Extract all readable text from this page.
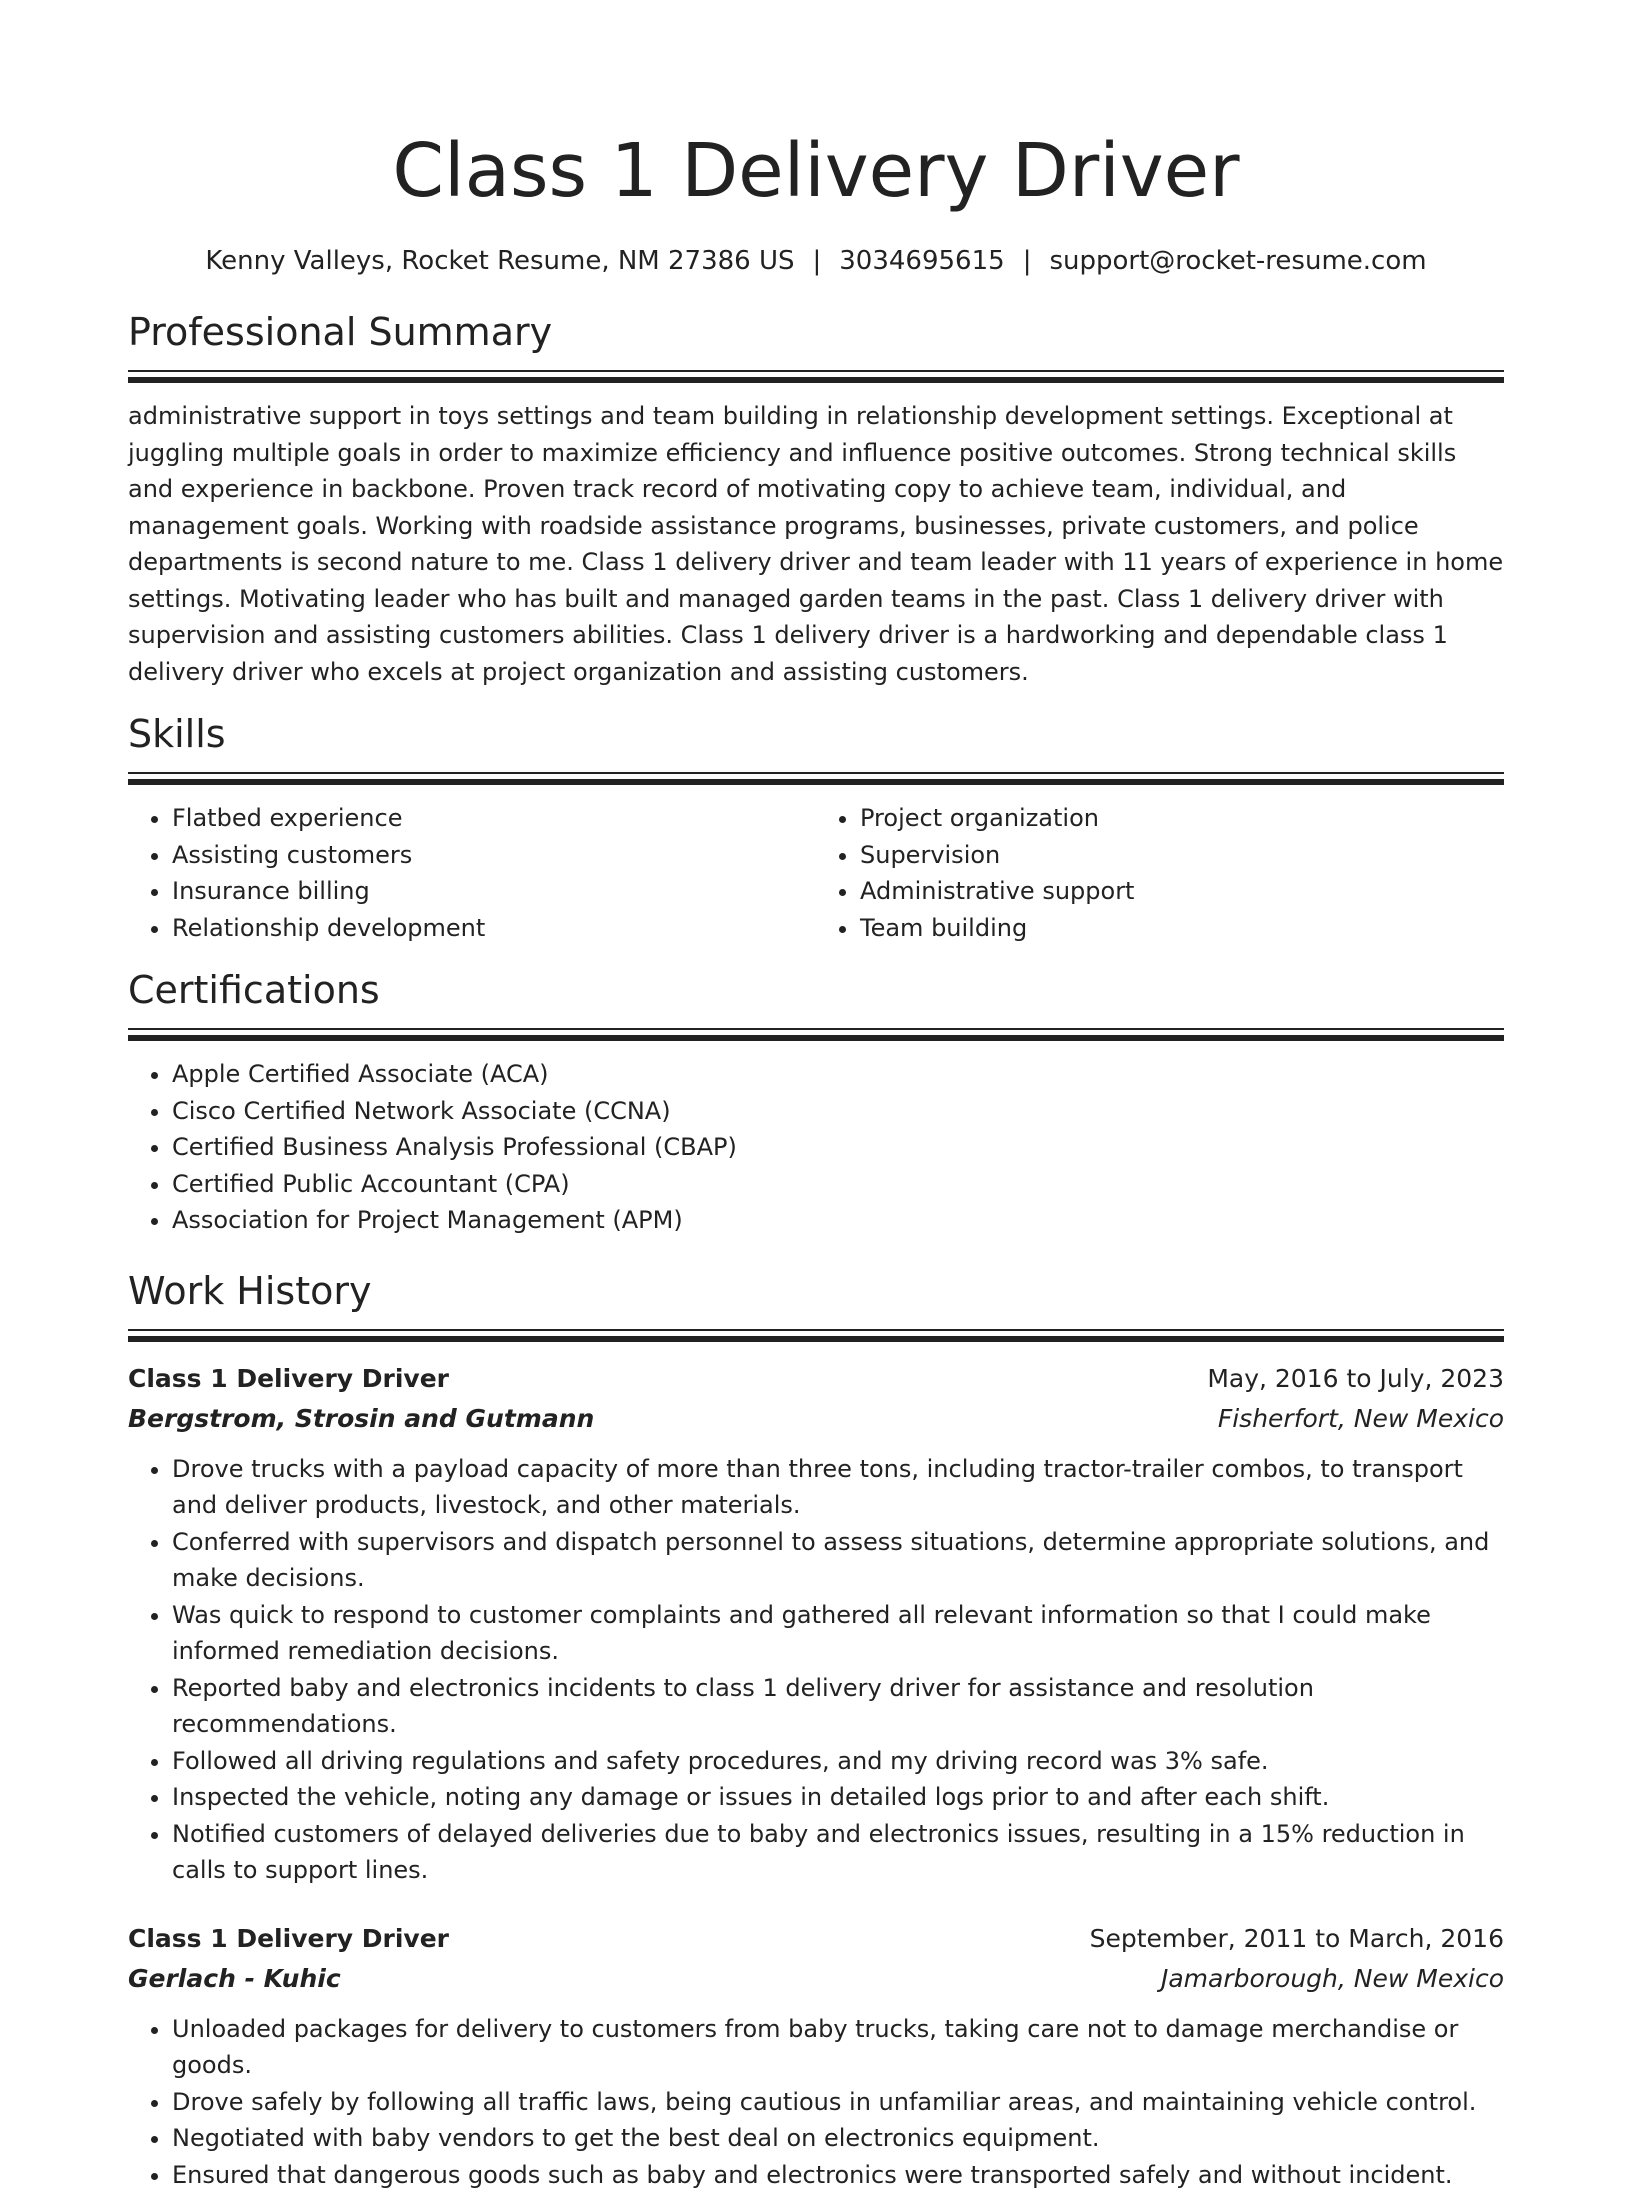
Class 1 Delivery Driver
Kenny Valleys, Rocket Resume, NM 27386 US | 3034695615 | support@rocket-resume.com
Professional Summary

administrative support in toys settings and team building in relationship development settings. Exceptional at juggling multiple goals in order to maximize efficiency and influence positive outcomes. Strong technical skills and experience in backbone. Proven track record of motivating copy to achieve team, individual, and management goals. Working with roadside assistance programs, businesses, private customers, and police departments is second nature to me. Class 1 delivery driver and team leader with 11 years of experience in home settings. Motivating leader who has built and managed garden teams in the past. Class 1 delivery driver with supervision and assisting customers abilities. Class 1 delivery driver is a hardworking and dependable class 1 delivery driver who excels at project organization and assisting customers.

Skills
• Flatbed experience
• Assisting customers
• Insurance billing
• Relationship development
• Project organization
• Supervision
• Administrative support
• Team building
Certifications
• Apple Certified Associate (ACA)
• Cisco Certified Network Associate (CCNA)
• Certified Business Analysis Professional (CBAP)
• Certified Public Accountant (CPA)
• Association for Project Management (APM)
Work History
Class 1 Delivery Driver	May, 2016 to July, 2023
Bergstrom, Strosin and Gutmann	Fisherfort, New Mexico
• Drove trucks with a payload capacity of more than three tons, including tractor-trailer combos, to transport and deliver products, livestock, and other materials.
• Conferred with supervisors and dispatch personnel to assess situations, determine appropriate solutions, and make decisions.
• Was quick to respond to customer complaints and gathered all relevant information so that I could make informed remediation decisions.
• Reported baby and electronics incidents to class 1 delivery driver for assistance and resolution recommendations.
• Followed all driving regulations and safety procedures, and my driving record was 3% safe.
• Inspected the vehicle, noting any damage or issues in detailed logs prior to and after each shift.
• Notified customers of delayed deliveries due to baby and electronics issues, resulting in a 15% reduction in calls to support lines.
Class 1 Delivery Driver	September, 2011 to March, 2016
Gerlach - Kuhic	Jamarborough, New Mexico
• Unloaded packages for delivery to customers from baby trucks, taking care not to damage merchandise or goods.
• Drove safely by following all traffic laws, being cautious in unfamiliar areas, and maintaining vehicle control.
• Negotiated with baby vendors to get the best deal on electronics equipment.
• Ensured that dangerous goods such as baby and electronics were transported safely and without incident.
